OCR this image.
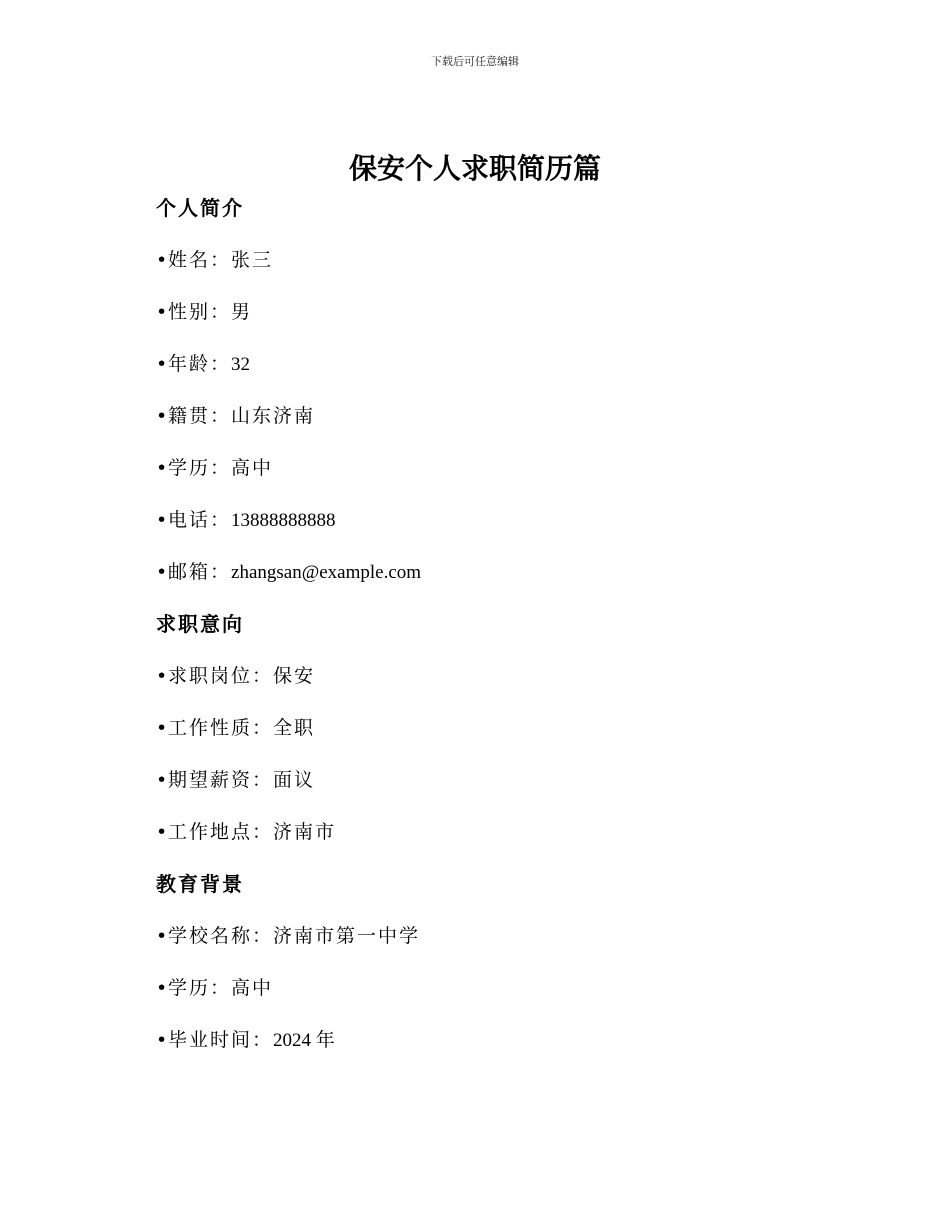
下载后可任意编辑
保安个人求职简历篇
个人简介
•姓名：张三
•性别：男
•年龄：32
•籍贯：山东济南
•学历：高中
•电话：13888888888
•邮箱：zhangsan@example.com
求职意向
•求职岗位：保安
•工作性质：全职
•期望薪资：面议
•工作地点：济南市
教育背景
•学校名称：济南市第一中学
•学历：高中
•毕业时间：2024 年
